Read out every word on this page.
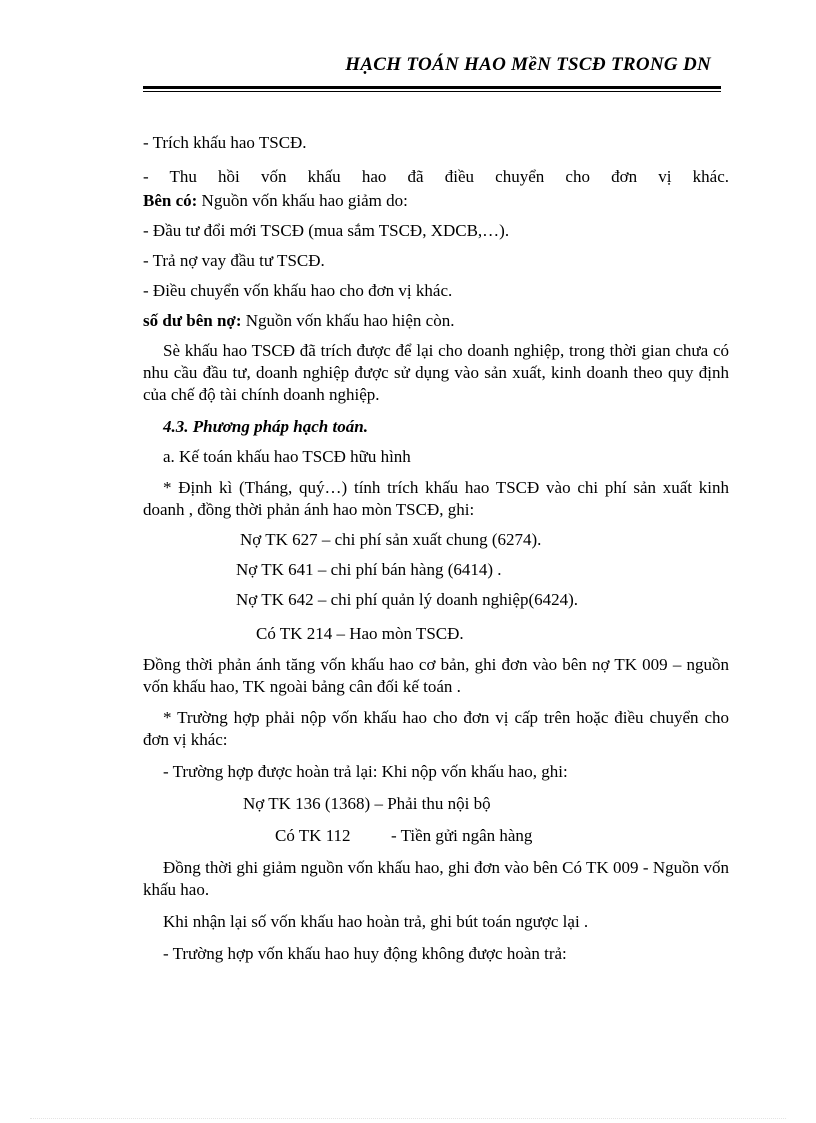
HẠCH TOÁN HAO MềN TSCĐ TRONG DN

- Trích khấu hao TSCĐ.

- Thu hồi vốn khấu hao đã điều chuyển cho đơn vị khác.

Bên có: Nguồn vốn khấu hao giảm do:

- Đầu tư đổi mới TSCĐ (mua sắm TSCĐ, XDCB,…).

- Trả nợ vay đầu tư TSCĐ.

- Điều chuyển vốn khấu hao cho đơn vị khác.

số dư bên nợ: Nguồn vốn khấu hao hiện còn.

Sè khấu hao TSCĐ đã trích được để lại cho doanh nghiệp, trong thời gian chưa có nhu cầu đầu tư, doanh nghiệp được sử dụng vào sản xuất, kinh doanh theo quy định của chế độ tài chính doanh nghiệp.

4.3. Phương pháp hạch toán.

a. Kế toán khấu hao TSCĐ hữu hình

* Định kì (Tháng, quý…) tính trích khấu hao TSCĐ vào chi phí sản xuất kinh doanh , đồng thời phản ánh hao mòn TSCĐ, ghi:

Nợ TK 627 – chi phí sản xuất chung (6274).

Nợ TK 641 – chi phí bán hàng (6414) .

Nợ TK 642 – chi phí quản lý doanh nghiệp(6424).

Có TK 214 – Hao mòn TSCĐ.

Đồng thời phản ánh tăng vốn khấu hao cơ bản, ghi đơn vào bên nợ TK 009 – nguồn vốn khấu hao, TK ngoài bảng cân đối kế toán .

* Trường hợp phải nộp vốn khấu hao cho đơn vị cấp trên hoặc điều chuyển cho đơn vị khác:

- Trường hợp được hoàn trả lại: Khi nộp vốn khấu hao, ghi:

Nợ TK 136 (1368) – Phải thu nội bộ

Có TK 112 - Tiền gửi ngân hàng

Đồng thời ghi giảm nguồn vốn khấu hao, ghi đơn vào bên Có TK 009 - Nguồn vốn khấu hao.

Khi nhận lại số vốn khấu hao hoàn trả, ghi bút toán ngược lại .

- Trường hợp vốn khấu hao huy động không được hoàn trả:
